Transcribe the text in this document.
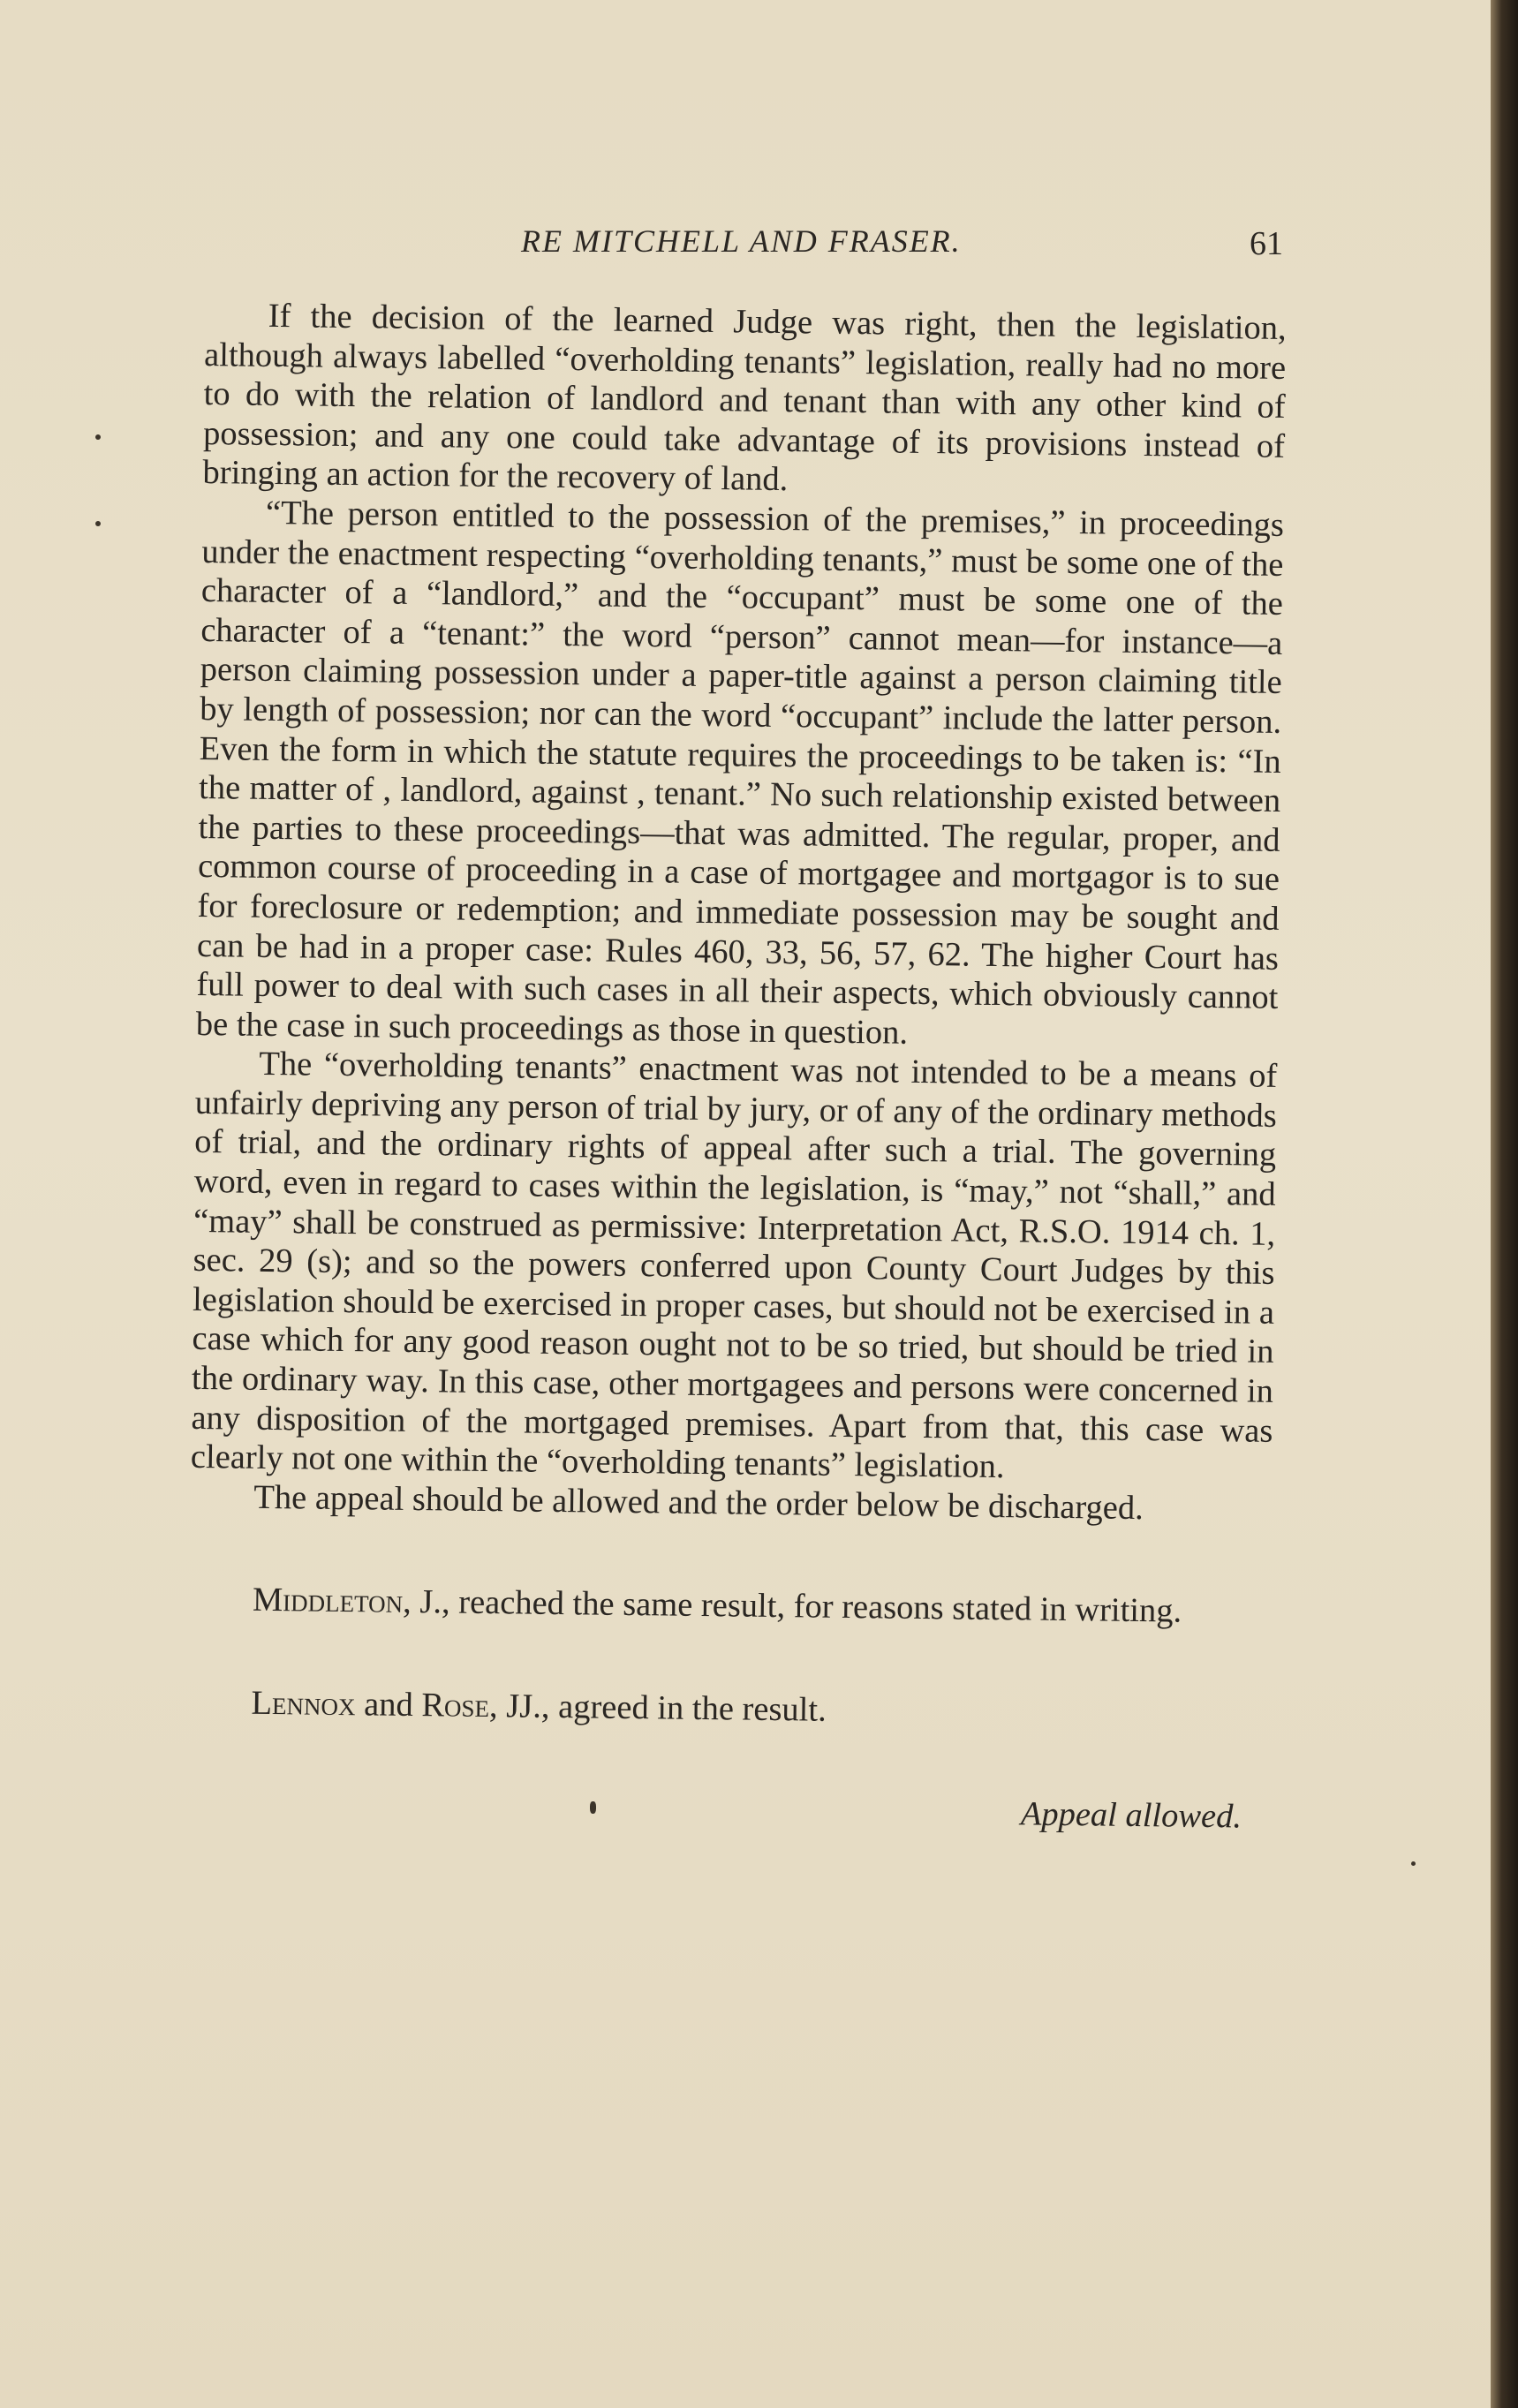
RE MITCHELL AND FRASER.	61

If the decision of the learned Judge was right, then the legislation, although always labelled “overholding tenants” legislation, really had no more to do with the relation of landlord and tenant than with any other kind of possession; and any one could take advantage of its provisions instead of bringing an action for the recovery of land.

“The person entitled to the possession of the premises,” in proceedings under the enactment respecting “overholding tenants,” must be some one of the character of a “landlord,” and the “occupant” must be some one of the character of a “tenant:” the word “person” cannot mean—for instance—a person claiming possession under a paper-title against a person claiming title by length of possession; nor can the word “occupant” include the latter person. Even the form in which the statute requires the proceedings to be taken is: “In the matter of , landlord, against , tenant.” No such relationship existed between the parties to these proceedings—that was admitted. The regular, proper, and common course of proceeding in a case of mortgagee and mortgagor is to sue for foreclosure or redemption; and immediate possession may be sought and can be had in a proper case: Rules 460, 33, 56, 57, 62. The higher Court has full power to deal with such cases in all their aspects, which obviously cannot be the case in such proceedings as those in question.

The “overholding tenants” enactment was not intended to be a means of unfairly depriving any person of trial by jury, or of any of the ordinary methods of trial, and the ordinary rights of appeal after such a trial. The governing word, even in regard to cases within the legislation, is “may,” not “shall,” and “may” shall be construed as permissive: Interpretation Act, R.S.O. 1914 ch. 1, sec. 29 (s); and so the powers conferred upon County Court Judges by this legislation should be exercised in proper cases, but should not be exercised in a case which for any good reason ought not to be so tried, but should be tried in the ordinary way. In this case, other mortgagees and persons were concerned in any disposition of the mortgaged premises. Apart from that, this case was clearly not one within the “overholding tenants” legislation.

The appeal should be allowed and the order below be discharged.

Middleton, J., reached the same result, for reasons stated in writing.

Lennox and Rose, JJ., agreed in the result.

Appeal allowed.
